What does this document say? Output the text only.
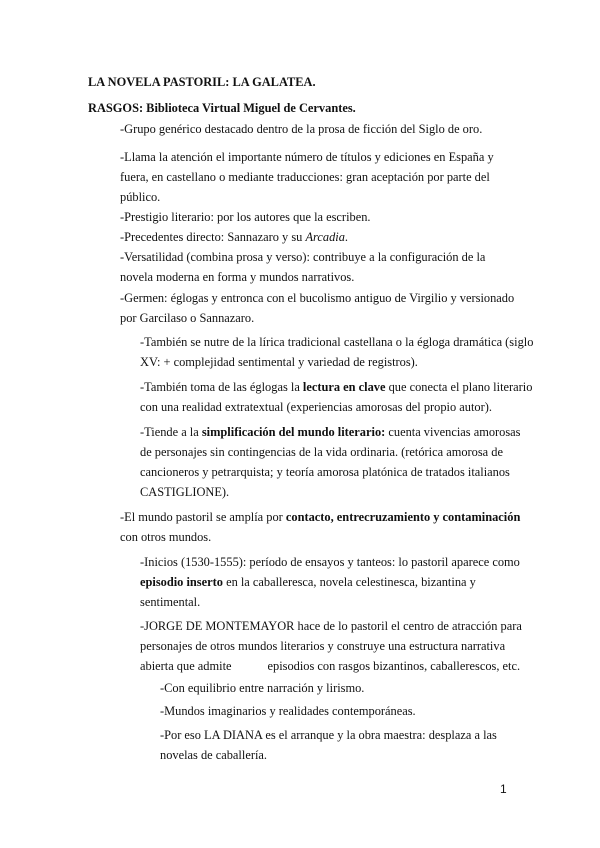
LA NOVELA PASTORIL: LA GALATEA.
RASGOS: Biblioteca Virtual Miguel de Cervantes.
-Grupo genérico destacado dentro de la prosa de ficción del Siglo de oro.
-Llama la atención el importante número de títulos y ediciones en España y
fuera, en castellano o mediante traducciones: gran aceptación por parte del
público.
-Prestigio literario: por los autores que la escriben.
-Precedentes directo: Sannazaro y su Arcadia.
-Versatilidad (combina prosa y verso): contribuye a la configuración de la
novela moderna en forma y mundos narrativos.
-Germen: églogas y entronca con el bucolismo antiguo de Virgilio y versionado
por Garcilaso o Sannazaro.
-También se nutre de la lírica tradicional castellana o la égloga dramática (siglo
XV: + complejidad sentimental y variedad de registros).
-También toma de las églogas la lectura en clave que conecta el plano literario
con una realidad extratextual (experiencias amorosas del propio autor).
-Tiende a la simplificación del mundo literario: cuenta vivencias amorosas
de personajes sin contingencias de la vida ordinaria. (retórica amorosa de
cancioneros y petrarquista; y teoría amorosa platónica de tratados italianos
CASTIGLIONE).
-El mundo pastoril se amplía por contacto, entrecruzamiento y contaminación
con otros mundos.
-Inicios (1530-1555): período de ensayos y tanteos: lo pastoril aparece como
episodio inserto en la caballeresca, novela celestinesca, bizantina y
sentimental.
-JORGE DE MONTEMAYOR hace de lo pastoril el centro de atracción para
personajes de otros mundos literarios y construye una estructura narrativa
abierta que admite	episodios con rasgos bizantinos, caballerescos, etc.
-Con equilibrio entre narración y lirismo.
-Mundos imaginarios y realidades contemporáneas.
-Por eso LA DIANA es el arranque y la obra maestra: desplaza a las
novelas de caballería.
1
